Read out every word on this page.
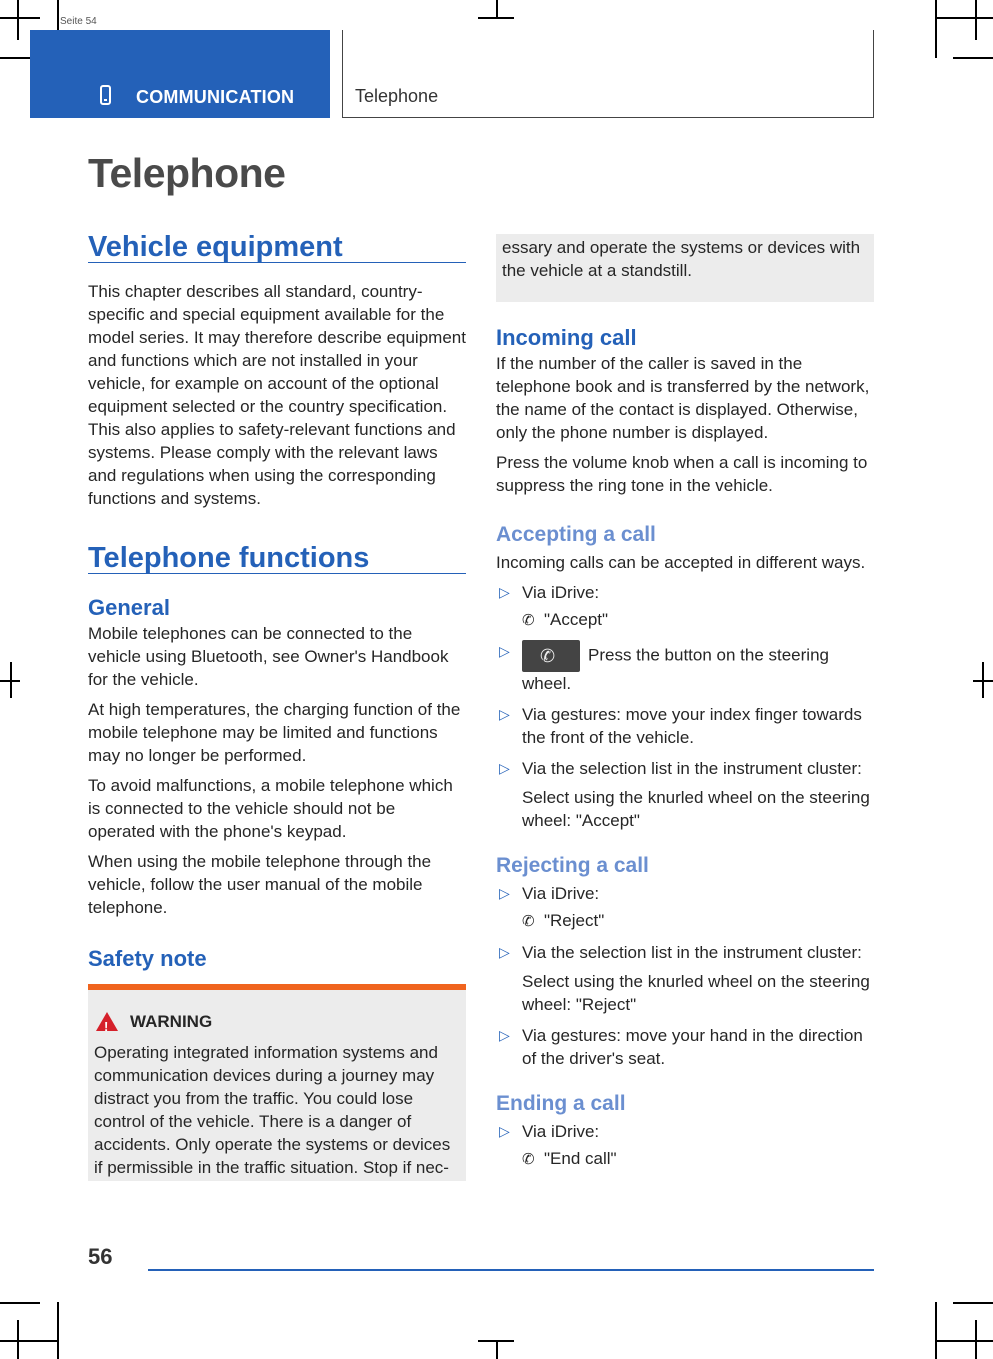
Seite 54
COMMUNICATION	Telephone
Telephone
Vehicle equipment

This chapter describes all standard, country-specific and special equipment available for the model series. It may therefore describe equipment and functions which are not installed in your vehicle, for example on account of the optional equipment selected or the country specification. This also applies to safety-relevant functions and systems. Please comply with the relevant laws and regulations when using the corresponding functions and systems.

Telephone functions
General

Mobile telephones can be connected to the vehicle using Bluetooth, see Owner's Handbook for the vehicle.

At high temperatures, the charging function of the mobile telephone may be limited and functions may no longer be performed.

To avoid malfunctions, a mobile telephone which is connected to the vehicle should not be operated with the phone's keypad.

When using the mobile telephone through the vehicle, follow the user manual of the mobile telephone.

Safety note
!
WARNING
Operating integrated information systems and communication devices during a journey may distract you from the traffic. You could lose control of the vehicle. There is a danger of accidents. Only operate the systems or devices if permissible in the traffic situation. Stop if nec-
essary and operate the systems or devices with the vehicle at a standstill.
Incoming call

If the number of the caller is saved in the telephone book and is transferred by the network, the name of the contact is displayed. Otherwise, only the phone number is displayed.

Press the volume knob when a call is incoming to suppress the ring tone in the vehicle.

Accepting a call

Incoming calls can be accepted in different ways.

▷ Via iDrive:
✆ "Accept"
▷ ✆ Press the button on the steering wheel.
▷ Via gestures: move your index finger towards the front of the vehicle.
▷ Via the selection list in the instrument cluster:
Select using the knurled wheel on the steering wheel: "Accept"
Rejecting a call
▷ Via iDrive:
✆ "Reject"
▷ Via the selection list in the instrument cluster:
Select using the knurled wheel on the steering wheel: "Reject"
▷ Via gestures: move your hand in the direction of the driver's seat.
Ending a call
▷ Via iDrive:
✆ "End call"
56
